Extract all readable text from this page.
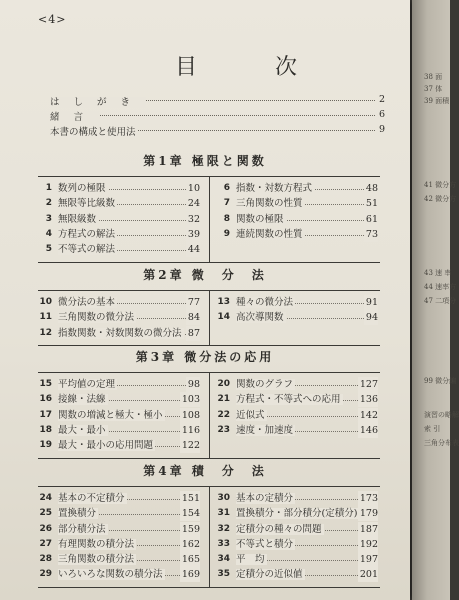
<4>
目　次
はしがき	2
緒言	6
本書の構成と使用法	9
第1章 極限と関数
1 数列の極限	10
2 無限等比級数	24
3 無限級数	32
4 方程式の解法	39
5 不等式の解法	44
6 指数・対数方程式	48
7 三角関数の性質	51
8 関数の極限	61
9 連続関数の性質	73
第2章 微　分　法
10 微分法の基本	77
11 三角関数の微分法	84
12 指数関数・対数関数の微分法 87
13 種々の微分法	91
14 高次導関数	94
第3章 微分法の応用
15 平均値の定理	98
16 接線・法線	103
17 関数の増減と極大・極小 108
18 最大・最小	116
19 最大・最小の応用問題	122
20 関数のグラフ	127
21 方程式・不等式への応用 136
22 近似式	142
23 速度・加速度	146
第4章 積　分　法
24 基本の不定積分	151
25 置換積分	154
26 部分積分法	159
27 有理関数の積分法	162
28 三角関数の積分法	165
29 いろいろな関数の積分法 169
30 基本の定積分	173
31 置換積分・部分積分(定積分) 179
32 定積分の種々の問題	187
33 不等式と積分	192
34 平　均	197
35 定積分の近似値	201
38 面
37 体
39 面積
41 微分方
42 微分方
43 速 率
44 速率方
47 二項分
99 微分編
演習の略解
索 引
三角分布表
